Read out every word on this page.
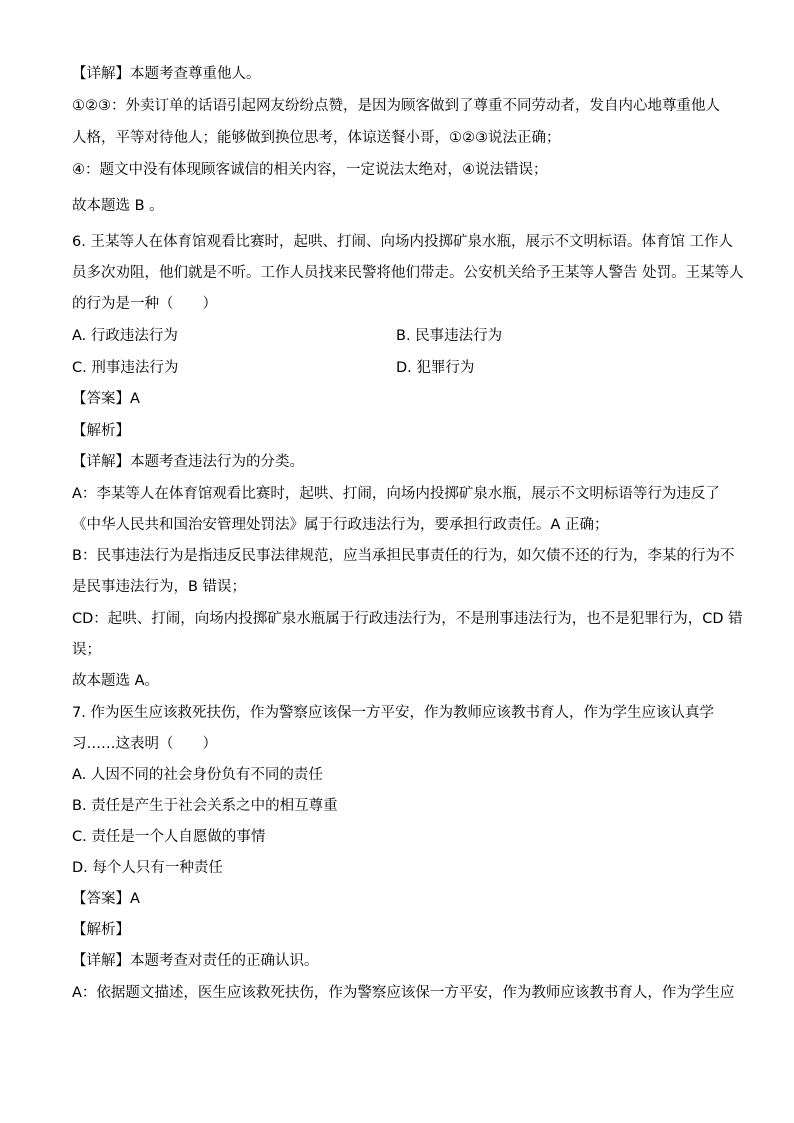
【详解】本题考查尊重他人。

①②③：外卖订单的话语引起网友纷纷点赞，是因为顾客做到了尊重不同劳动者，发自内心地尊重他人

人格，平等对待他人；能够做到换位思考，体谅送餐小哥，①②③说法正确；

④：题文中没有体现顾客诚信的相关内容，一定说法太绝对，④说法错误；

故本题选 B 。

6. 王某等人在体育馆观看比赛时，起哄、打闹、向场内投掷矿泉水瓶，展示不文明标语。体育馆 工作人

员多次劝阻，他们就是不听。工作人员找来民警将他们带走。公安机关给予王某等人警告 处罚。王某等人

的行为是一种（　　）

A. 行政违法行为	B. 民事违法行为

C. 刑事违法行为	D. 犯罪行为

【答案】A

【解析】

【详解】本题考查违法行为的分类。

A：李某等人在体育馆观看比赛时，起哄、打闹，向场内投掷矿泉水瓶，展示不文明标语等行为违反了

《中华人民共和国治安管理处罚法》属于行政违法行为，要承担行政责任。A 正确；

B：民事违法行为是指违反民事法律规范，应当承担民事责任的行为，如欠债不还的行为，李某的行为不

是民事违法行为，B 错误；

CD：起哄、打闹，向场内投掷矿泉水瓶属于行政违法行为，不是刑事违法行为，也不是犯罪行为，CD 错

误；

故本题选 A。

7. 作为医生应该救死扶伤，作为警察应该保一方平安，作为教师应该教书育人，作为学生应该认真学

习……这表明（　　）

A. 人因不同的社会身份负有不同的责任

B. 责任是产生于社会关系之中的相互尊重

C. 责任是一个人自愿做的事情

D. 每个人只有一种责任

【答案】A

【解析】

【详解】本题考查对责任的正确认识。

A：依据题文描述，医生应该救死扶伤，作为警察应该保一方平安，作为教师应该教书育人，作为学生应
